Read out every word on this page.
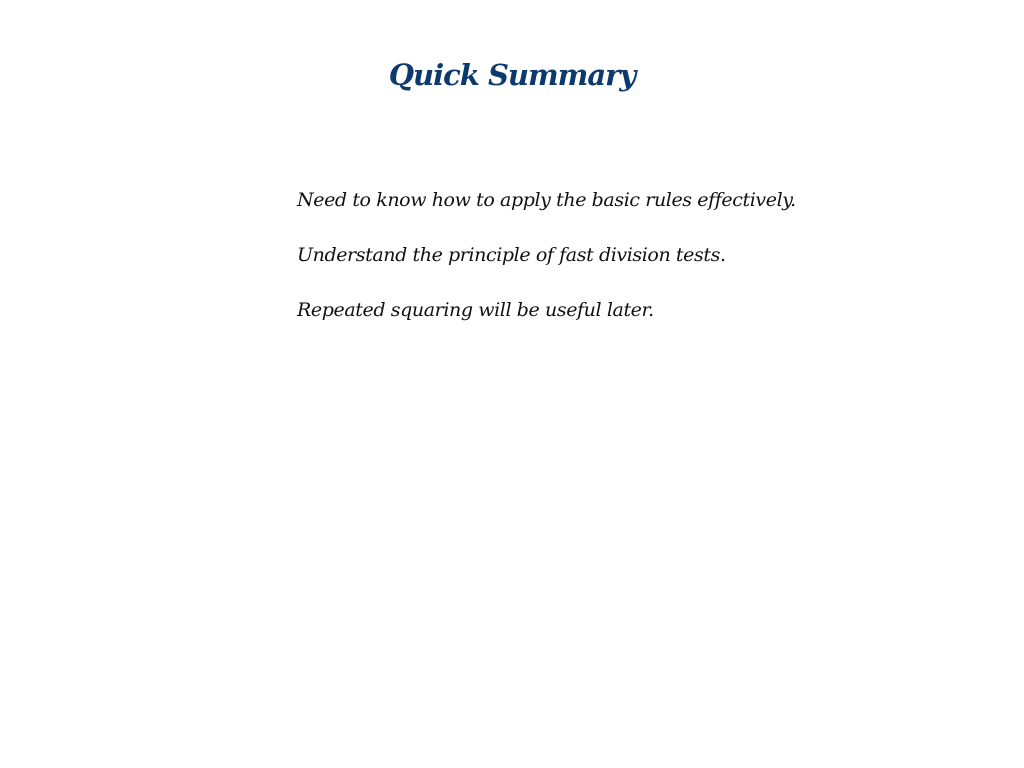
Quick Summary
Need to know how to apply the basic rules effectively.
Understand the principle of fast division tests.
Repeated squaring will be useful later.
